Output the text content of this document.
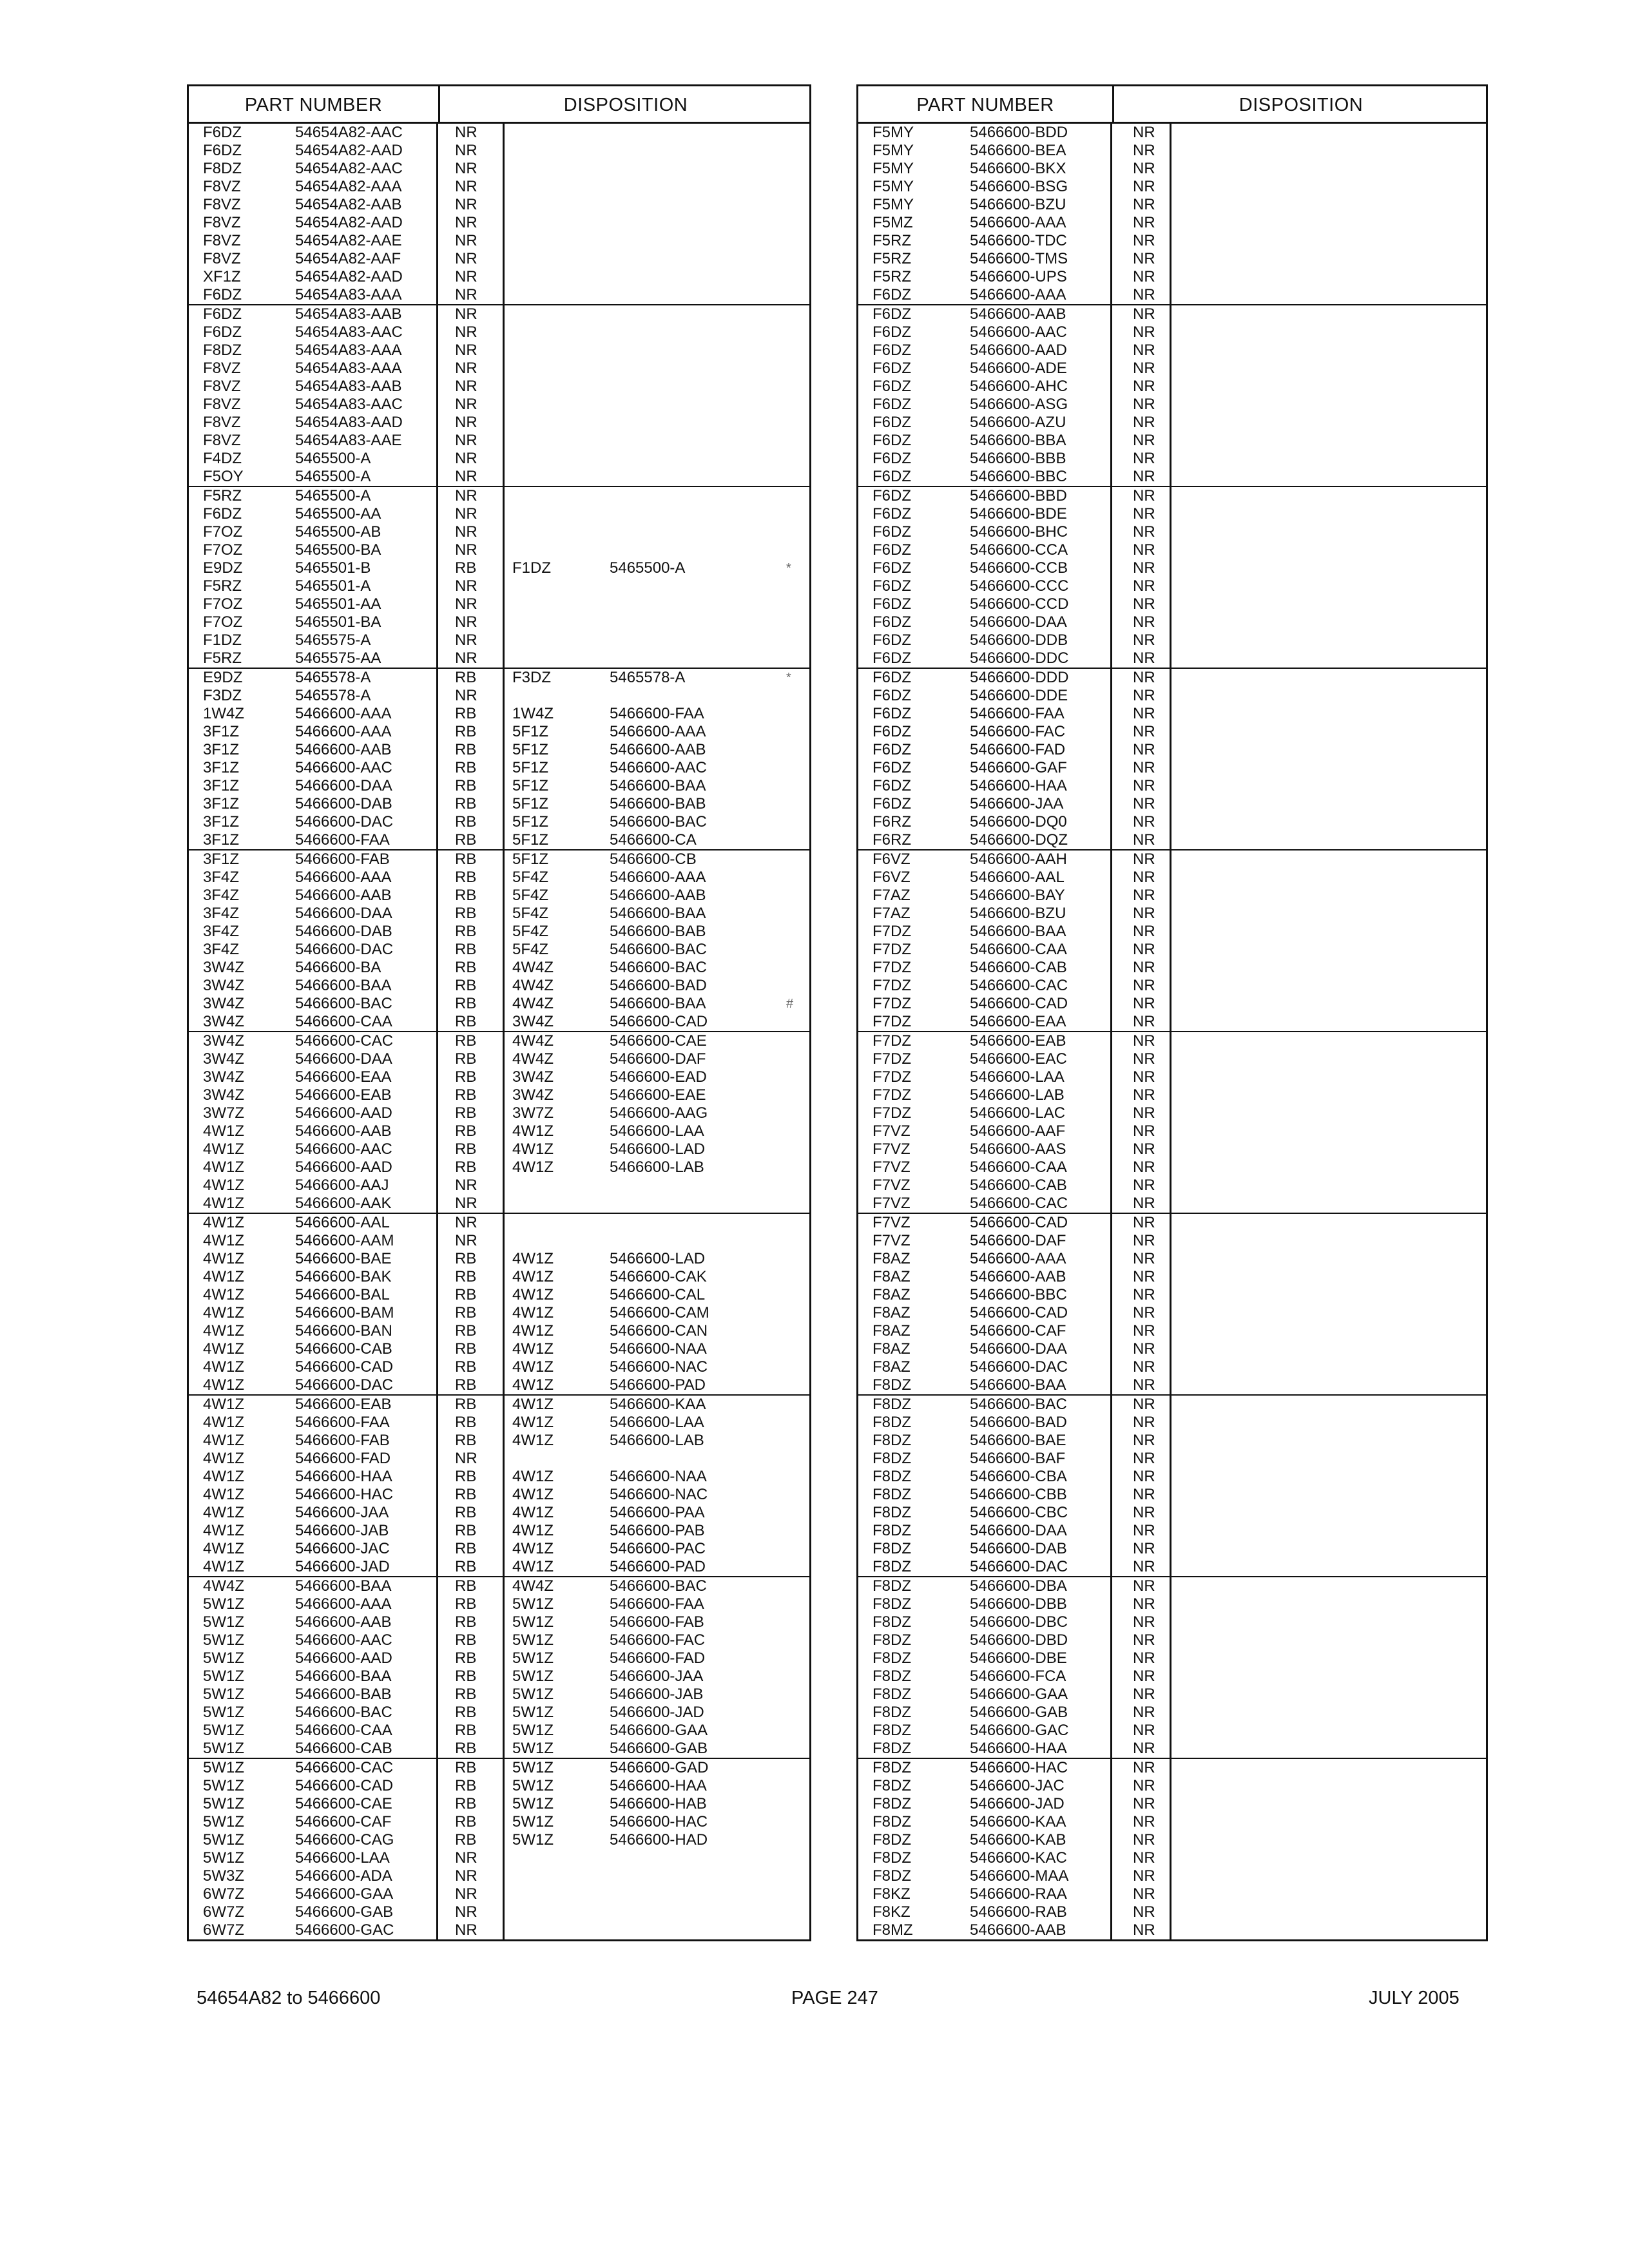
PART NUMBER	DISPOSITION
F6DZ	54654A82-AAC	NR
F6DZ	54654A82-AAD	NR
F8DZ	54654A82-AAC	NR
F8VZ	54654A82-AAA	NR
F8VZ	54654A82-AAB	NR
F8VZ	54654A82-AAD	NR
F8VZ	54654A82-AAE	NR
F8VZ	54654A82-AAF	NR
XF1Z	54654A82-AAD	NR
F6DZ	54654A83-AAA	NR
F6DZ	54654A83-AAB	NR
F6DZ	54654A83-AAC	NR
F8DZ	54654A83-AAA	NR
F8VZ	54654A83-AAA	NR
F8VZ	54654A83-AAB	NR
F8VZ	54654A83-AAC	NR
F8VZ	54654A83-AAD	NR
F8VZ	54654A83-AAE	NR
F4DZ	5465500-A	NR
F5OY	5465500-A	NR
F5RZ	5465500-A	NR
F6DZ	5465500-AA	NR
F7OZ	5465500-AB	NR
F7OZ	5465500-BA	NR
E9DZ	5465501-B	RB F1DZ	5465500-A	*
F5RZ	5465501-A	NR
F7OZ	5465501-AA	NR
F7OZ	5465501-BA	NR
F1DZ	5465575-A	NR
F5RZ	5465575-AA	NR
E9DZ	5465578-A	RB F3DZ	5465578-A	*
F3DZ	5465578-A	NR
1W4Z	5466600-AAA	RB 1W4Z	5466600-FAA
3F1Z	5466600-AAA	RB 5F1Z	5466600-AAA
3F1Z	5466600-AAB	RB 5F1Z	5466600-AAB
3F1Z	5466600-AAC	RB 5F1Z	5466600-AAC
3F1Z	5466600-DAA	RB 5F1Z	5466600-BAA
3F1Z	5466600-DAB	RB 5F1Z	5466600-BAB
3F1Z	5466600-DAC	RB 5F1Z	5466600-BAC
3F1Z	5466600-FAA	RB 5F1Z	5466600-CA
3F1Z	5466600-FAB	RB 5F1Z	5466600-CB
3F4Z	5466600-AAA	RB 5F4Z	5466600-AAA
3F4Z	5466600-AAB	RB 5F4Z	5466600-AAB
3F4Z	5466600-DAA	RB 5F4Z	5466600-BAA
3F4Z	5466600-DAB	RB 5F4Z	5466600-BAB
3F4Z	5466600-DAC	RB 5F4Z	5466600-BAC
3W4Z	5466600-BA	RB 4W4Z	5466600-BAC
3W4Z	5466600-BAA	RB 4W4Z	5466600-BAD
3W4Z	5466600-BAC	RB 4W4Z	5466600-BAA	#
3W4Z	5466600-CAA	RB 3W4Z	5466600-CAD
3W4Z	5466600-CAC	RB 4W4Z	5466600-CAE
3W4Z	5466600-DAA	RB 4W4Z	5466600-DAF
3W4Z	5466600-EAA	RB 3W4Z	5466600-EAD
3W4Z	5466600-EAB	RB 3W4Z	5466600-EAE
3W7Z	5466600-AAD	RB 3W7Z	5466600-AAG
4W1Z	5466600-AAB	RB 4W1Z	5466600-LAA
4W1Z	5466600-AAC	RB 4W1Z	5466600-LAD
4W1Z	5466600-AAD	RB 4W1Z	5466600-LAB
4W1Z	5466600-AAJ	NR
4W1Z	5466600-AAK	NR
4W1Z	5466600-AAL	NR
4W1Z	5466600-AAM	NR
4W1Z	5466600-BAE	RB 4W1Z	5466600-LAD
4W1Z	5466600-BAK	RB 4W1Z	5466600-CAK
4W1Z	5466600-BAL	RB 4W1Z	5466600-CAL
4W1Z	5466600-BAM	RB 4W1Z	5466600-CAM
4W1Z	5466600-BAN	RB 4W1Z	5466600-CAN
4W1Z	5466600-CAB	RB 4W1Z	5466600-NAA
4W1Z	5466600-CAD	RB 4W1Z	5466600-NAC
4W1Z	5466600-DAC	RB 4W1Z	5466600-PAD
4W1Z	5466600-EAB	RB 4W1Z	5466600-KAA
4W1Z	5466600-FAA	RB 4W1Z	5466600-LAA
4W1Z	5466600-FAB	RB 4W1Z	5466600-LAB
4W1Z	5466600-FAD	NR
4W1Z	5466600-HAA	RB 4W1Z	5466600-NAA
4W1Z	5466600-HAC	RB 4W1Z	5466600-NAC
4W1Z	5466600-JAA	RB 4W1Z	5466600-PAA
4W1Z	5466600-JAB	RB 4W1Z	5466600-PAB
4W1Z	5466600-JAC	RB 4W1Z	5466600-PAC
4W1Z	5466600-JAD	RB 4W1Z	5466600-PAD
4W4Z	5466600-BAA	RB 4W4Z	5466600-BAC
5W1Z	5466600-AAA	RB 5W1Z	5466600-FAA
5W1Z	5466600-AAB	RB 5W1Z	5466600-FAB
5W1Z	5466600-AAC	RB 5W1Z	5466600-FAC
5W1Z	5466600-AAD	RB 5W1Z	5466600-FAD
5W1Z	5466600-BAA	RB 5W1Z	5466600-JAA
5W1Z	5466600-BAB	RB 5W1Z	5466600-JAB
5W1Z	5466600-BAC	RB 5W1Z	5466600-JAD
5W1Z	5466600-CAA	RB 5W1Z	5466600-GAA
5W1Z	5466600-CAB	RB 5W1Z	5466600-GAB
5W1Z	5466600-CAC	RB 5W1Z	5466600-GAD
5W1Z	5466600-CAD	RB 5W1Z	5466600-HAA
5W1Z	5466600-CAE	RB 5W1Z	5466600-HAB
5W1Z	5466600-CAF	RB 5W1Z	5466600-HAC
5W1Z	5466600-CAG	RB 5W1Z	5466600-HAD
5W1Z	5466600-LAA	NR
5W3Z	5466600-ADA	NR
6W7Z	5466600-GAA	NR
6W7Z	5466600-GAB	NR
6W7Z	5466600-GAC	NR
PART NUMBER	DISPOSITION
F5MY	5466600-BDD	NR
F5MY	5466600-BEA	NR
F5MY	5466600-BKX	NR
F5MY	5466600-BSG	NR
F5MY	5466600-BZU	NR
F5MZ	5466600-AAA	NR
F5RZ	5466600-TDC	NR
F5RZ	5466600-TMS	NR
F5RZ	5466600-UPS	NR
F6DZ	5466600-AAA	NR
F6DZ	5466600-AAB	NR
F6DZ	5466600-AAC	NR
F6DZ	5466600-AAD	NR
F6DZ	5466600-ADE	NR
F6DZ	5466600-AHC	NR
F6DZ	5466600-ASG	NR
F6DZ	5466600-AZU	NR
F6DZ	5466600-BBA	NR
F6DZ	5466600-BBB	NR
F6DZ	5466600-BBC	NR
F6DZ	5466600-BBD	NR
F6DZ	5466600-BDE	NR
F6DZ	5466600-BHC	NR
F6DZ	5466600-CCA	NR
F6DZ	5466600-CCB	NR
F6DZ	5466600-CCC	NR
F6DZ	5466600-CCD	NR
F6DZ	5466600-DAA	NR
F6DZ	5466600-DDB	NR
F6DZ	5466600-DDC	NR
F6DZ	5466600-DDD	NR
F6DZ	5466600-DDE	NR
F6DZ	5466600-FAA	NR
F6DZ	5466600-FAC	NR
F6DZ	5466600-FAD	NR
F6DZ	5466600-GAF	NR
F6DZ	5466600-HAA	NR
F6DZ	5466600-JAA	NR
F6RZ	5466600-DQ0	NR
F6RZ	5466600-DQZ	NR
F6VZ	5466600-AAH	NR
F6VZ	5466600-AAL	NR
F7AZ	5466600-BAY	NR
F7AZ	5466600-BZU	NR
F7DZ	5466600-BAA	NR
F7DZ	5466600-CAA	NR
F7DZ	5466600-CAB	NR
F7DZ	5466600-CAC	NR
F7DZ	5466600-CAD	NR
F7DZ	5466600-EAA	NR
F7DZ	5466600-EAB	NR
F7DZ	5466600-EAC	NR
F7DZ	5466600-LAA	NR
F7DZ	5466600-LAB	NR
F7DZ	5466600-LAC	NR
F7VZ	5466600-AAF	NR
F7VZ	5466600-AAS	NR
F7VZ	5466600-CAA	NR
F7VZ	5466600-CAB	NR
F7VZ	5466600-CAC	NR
F7VZ	5466600-CAD	NR
F7VZ	5466600-DAF	NR
F8AZ	5466600-AAA	NR
F8AZ	5466600-AAB	NR
F8AZ	5466600-BBC	NR
F8AZ	5466600-CAD	NR
F8AZ	5466600-CAF	NR
F8AZ	5466600-DAA	NR
F8AZ	5466600-DAC	NR
F8DZ	5466600-BAA	NR
F8DZ	5466600-BAC	NR
F8DZ	5466600-BAD	NR
F8DZ	5466600-BAE	NR
F8DZ	5466600-BAF	NR
F8DZ	5466600-CBA	NR
F8DZ	5466600-CBB	NR
F8DZ	5466600-CBC	NR
F8DZ	5466600-DAA	NR
F8DZ	5466600-DAB	NR
F8DZ	5466600-DAC	NR
F8DZ	5466600-DBA	NR
F8DZ	5466600-DBB	NR
F8DZ	5466600-DBC	NR
F8DZ	5466600-DBD	NR
F8DZ	5466600-DBE	NR
F8DZ	5466600-FCA	NR
F8DZ	5466600-GAA	NR
F8DZ	5466600-GAB	NR
F8DZ	5466600-GAC	NR
F8DZ	5466600-HAA	NR
F8DZ	5466600-HAC	NR
F8DZ	5466600-JAC	NR
F8DZ	5466600-JAD	NR
F8DZ	5466600-KAA	NR
F8DZ	5466600-KAB	NR
F8DZ	5466600-KAC	NR
F8DZ	5466600-MAA	NR
F8KZ	5466600-RAA	NR
F8KZ	5466600-RAB	NR
F8MZ	5466600-AAB	NR
54654A82 to 5466600	PAGE 247	JULY 2005
